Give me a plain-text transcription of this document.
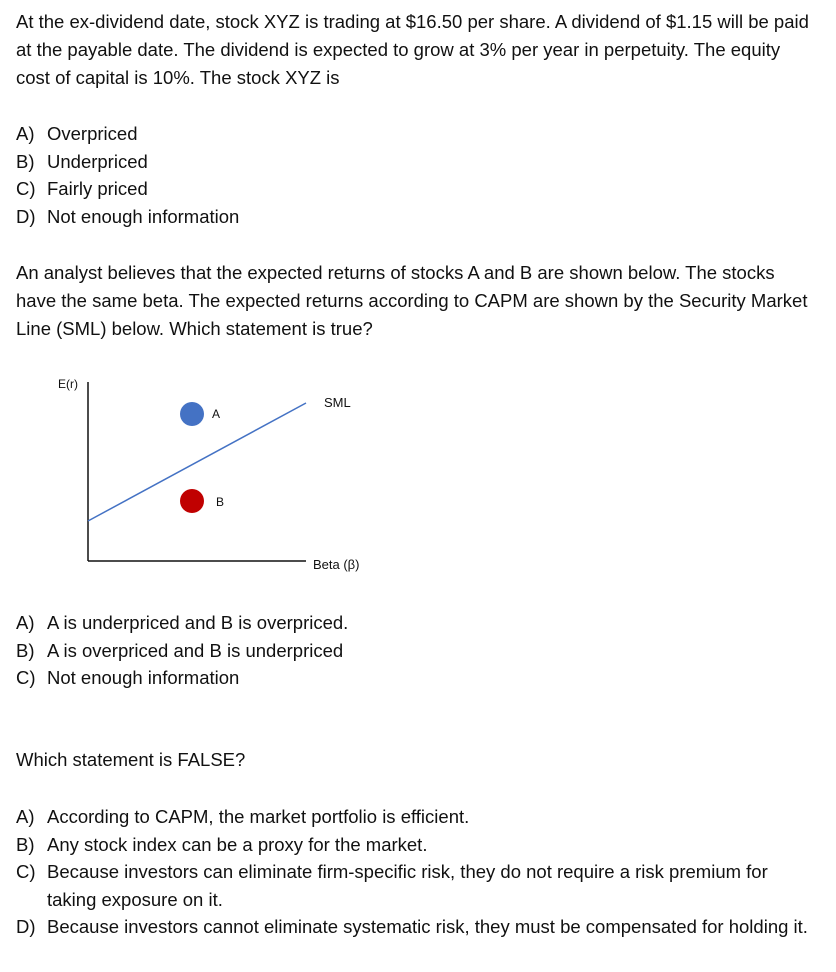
At the ex-dividend date, stock XYZ is trading at $16.50 per share. A dividend of $1.15 will be paid at the payable date. The dividend is expected to grow at 3% per year in perpetuity. The equity cost of capital is 10%. The stock XYZ is

A) Overpriced
B) Underpriced
C) Fairly priced
D) Not enough information

An analyst believes that the expected returns of stocks A and B are shown below. The stocks have the same beta. The expected returns according to CAPM are shown by the Security Market Line (SML) below. Which statement is true?

E(r)
SML
A
B
Beta (β)
A) A is underpriced and B is overpriced.
B) A is overpriced and B is underpriced
C) Not enough information

Which statement is FALSE?

A) According to CAPM, the market portfolio is efficient.
B) Any stock index can be a proxy for the market.
C) Because investors can eliminate firm-specific risk, they do not require a risk premium for taking exposure on it.
D) Because investors cannot eliminate systematic risk, they must be compensated for holding it.
